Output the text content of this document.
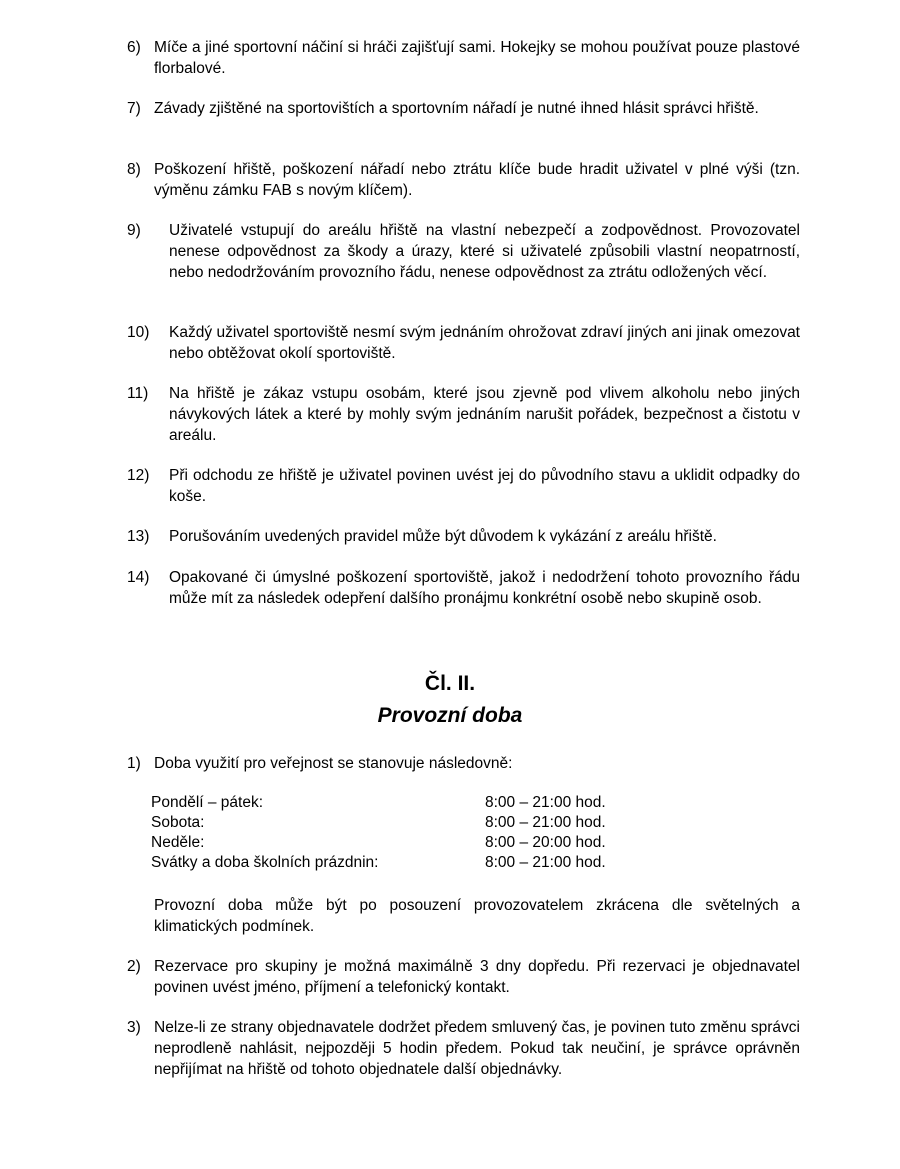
6) Míče a jiné sportovní náčiní si hráči zajišťují sami. Hokejky se mohou používat pouze plastové florbalové.
7) Závady zjištěné na sportovištích a sportovním nářadí je nutné ihned hlásit správci hřiště.
8) Poškození hřiště, poškození nářadí nebo ztrátu klíče bude hradit uživatel v plné výši (tzn. výměnu zámku FAB s novým klíčem).
9) Uživatelé vstupují do areálu hřiště na vlastní nebezpečí a zodpovědnost. Provozovatel nenese odpovědnost za škody a úrazy, které si uživatelé způsobili vlastní neopatrností, nebo nedodržováním provozního řádu, nenese odpovědnost za ztrátu odložených věcí.
10) Každý uživatel sportoviště nesmí svým jednáním ohrožovat zdraví jiných ani jinak omezovat nebo obtěžovat okolí sportoviště.
11) Na hřiště je zákaz vstupu osobám, které jsou zjevně pod vlivem alkoholu nebo jiných návykových látek a které by mohly svým jednáním narušit pořádek, bezpečnost a čistotu v areálu.
12) Při odchodu ze hřiště je uživatel povinen uvést jej do původního stavu a uklidit odpadky do koše.
13) Porušováním uvedených pravidel může být důvodem k vykázání z areálu hřiště.
14) Opakované či úmyslné poškození sportoviště, jakož i nedodržení tohoto provozního řádu může mít za následek odepření dalšího pronájmu konkrétní osobě nebo skupině osob.
Čl. II.
Provozní doba
1) Doba využití pro veřejnost se stanovuje následovně:
Pondělí – pátek:	8:00 – 21:00 hod.
Sobota:	8:00 – 21:00 hod.
Neděle:	8:00 – 20:00 hod.
Svátky a doba školních prázdnin:	8:00 – 21:00 hod.
Provozní doba může být po posouzení provozovatelem zkrácena dle světelných a klimatických podmínek.
2) Rezervace pro skupiny je možná maximálně 3 dny dopředu. Při rezervaci je objednavatel povinen uvést jméno, příjmení a telefonický kontakt.
3) Nelze-li ze strany objednavatele dodržet předem smluvený čas, je povinen tuto změnu správci neprodleně nahlásit, nejpozději 5 hodin předem. Pokud tak neučiní, je správce oprávněn nepřijímat na hřiště od tohoto objednatele další objednávky.
